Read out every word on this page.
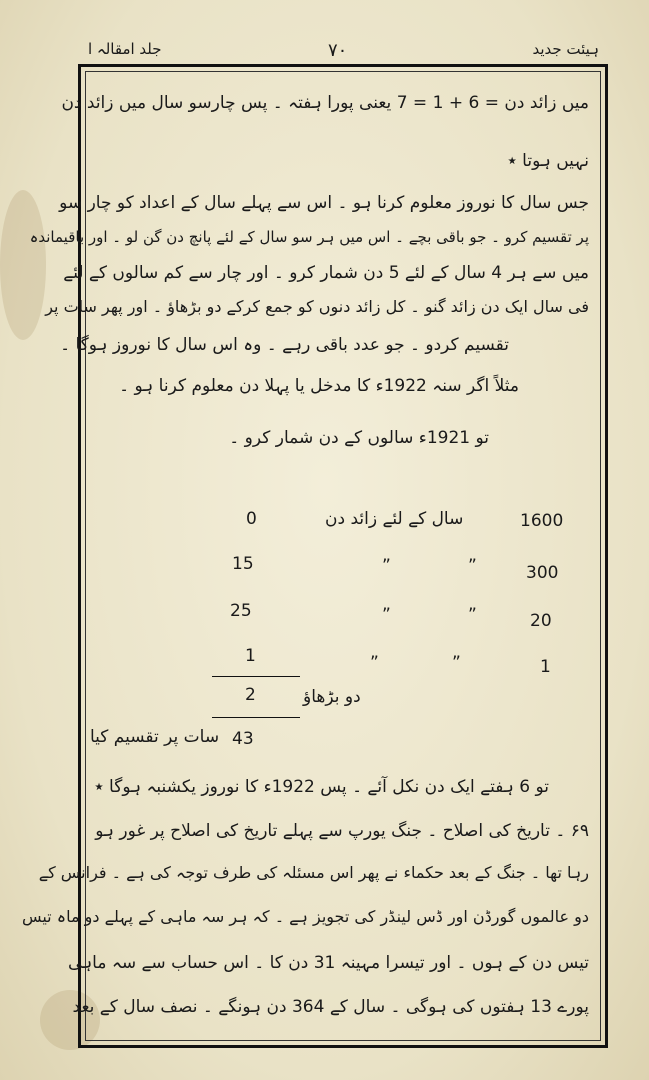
ہیئت جدید
۷۰
جلد امقالہ ا
میں زائد دن = 6 + 1 = 7 یعنی پورا ہفتہ ۔ پس چارسو سال میں زائد دن
نہیں ہوتا ٭
جس سال کا نوروز معلوم کرنا ہو ۔ اس سے پہلے سال کے اعداد کو چار سو
پر تقسیم کرو ۔ جو باقی بچے ۔ اس میں ہر سو سال کے لئے پانچ دن گن لو ۔ اور باقیماندہ
میں سے ہر 4 سال کے لئے 5 دن شمار کرو ۔ اور چار سے کم سالوں کے لئے
فی سال ایک دن زائد گنو ۔ کل زائد دنوں کو جمع کرکے دو بڑھاؤ ۔ اور پھر سات پر
تقسیم کردو ۔ جو عدد باقی رہے ۔ وہ اس سال کا نوروز ہوگا ۔
مثلاً اگر سنہ 1922ء کا مدخل یا پہلا دن معلوم کرنا ہو ۔
تو 1921ء سالوں کے دن شمار کرو ۔
سال کے لئے زائد دن	1600
0
300
”
”
15
20
”
”
25
1
”
”
1
2	دو بڑھاؤ
43
سات پر تقسیم کیا
تو 6 ہفتے ایک دن نکل آئے ۔ پس 1922ء کا نوروز یکشنبہ ہوگا ٭
۶۹ ۔ تاریخ کی اصلاح ۔ جنگ یورپ سے پہلے تاریخ کی اصلاح پر غور ہو
رہا تھا ۔ جنگ کے بعد حکماء نے پھر اس مسئلہ کی طرف توجہ کی ہے ۔ فرانس کے
دو عالموں گورڈن اور ڈس لینڈر کی تجویز ہے ۔ کہ ہر سہ ماہی کے پہلے دو ماہ تیس
تیس دن کے ہوں ۔ اور تیسرا مہینہ 31 دن کا ۔ اس حساب سے سہ ماہی
پورے 13 ہفتوں کی ہوگی ۔ سال کے 364 دن ہونگے ۔ نصف سال کے بعد
